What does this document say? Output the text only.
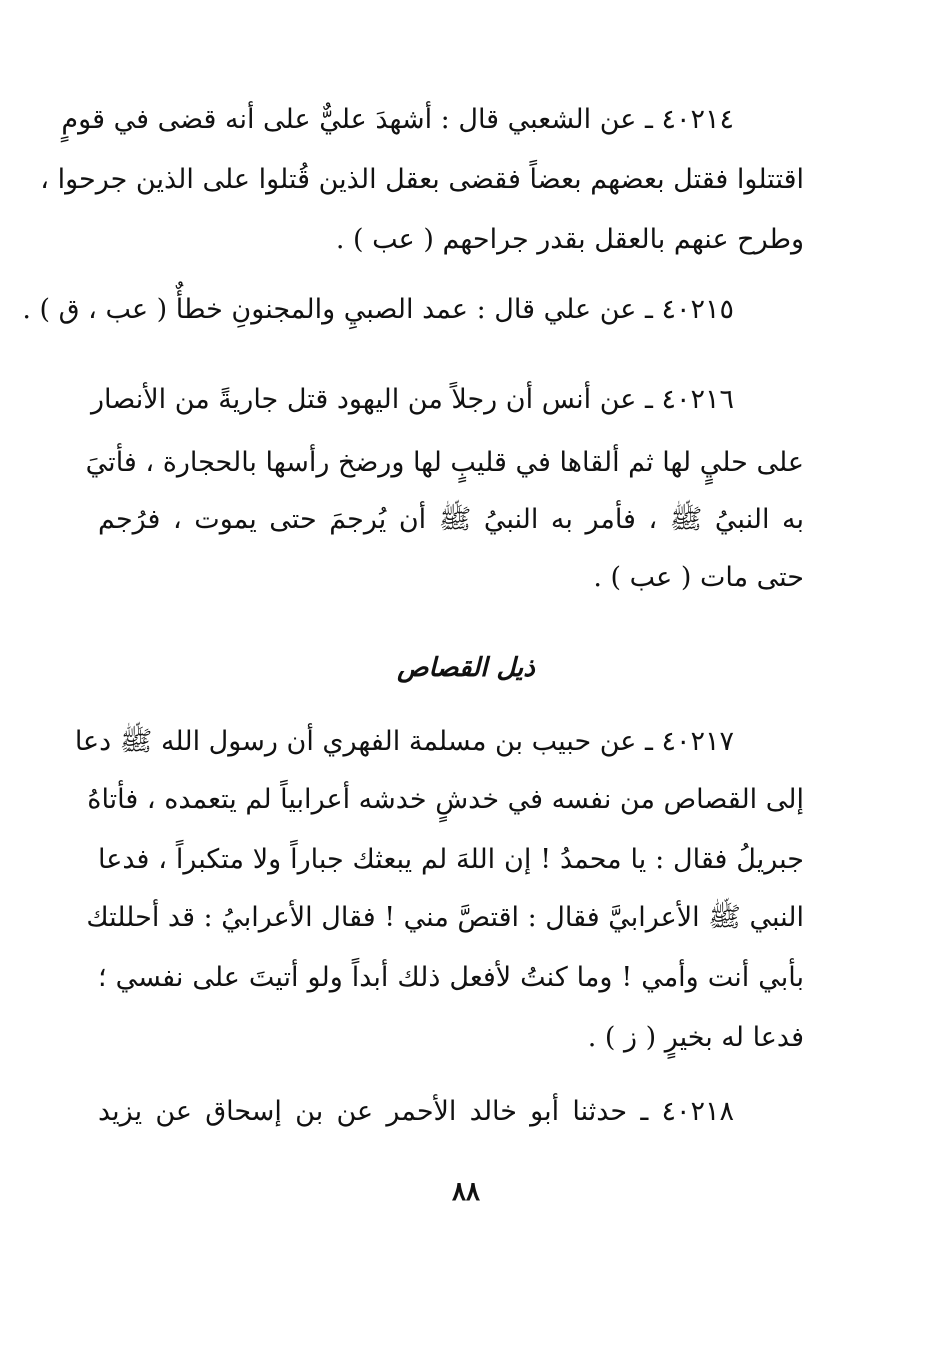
٤٠٢١٤ ـ عن الشعبي قال : أشهدَ عليٌّ على أنه قضى في قومٍ
اقتتلوا فقتل بعضهم بعضاً فقضى بعقل الذين قُتلوا على الذين جرحوا ،
وطرح عنهم بالعقل بقدر جراحهم ( عب ) .
٤٠٢١٥ ـ عن علي قال : عمد الصبيِ والمجنونِ خطأٌ ( عب ، ق ) .
٤٠٢١٦ ـ عن أنس أن رجلاً من اليهود قتل جاريةً من الأنصار
على حليٍ لها ثم ألقاها في قليبٍ لها ورضخ رأسها بالحجارة ، فأتيَ
به النبيُ ﷺ ، فأمر به النبيُ ﷺ أن يُرجمَ حتى يموت ، فرُجم
حتى مات ( عب ) .
ذيل القصاص
٤٠٢١٧ ـ عن حبيب بن مسلمة الفهري أن رسول الله ﷺ دعا
إلى القصاص من نفسه في خدشٍ خدشه أعرابياً لم يتعمده ، فأتاهُ
جبريلُ فقال : يا محمدُ ! إن اللهَ لم يبعثك جباراً ولا متكبراً ، فدعا
النبي ﷺ الأعرابيَّ فقال : اقتصَّ مني ! فقال الأعرابيُ : قد أحللتك
بأبي أنت وأمي ! وما كنتُ لأفعل ذلك أبداً ولو أتيتَ على نفسي ؛
فدعا له بخيرٍ ( ز ) .
٤٠٢١٨ ـ حدثنا أبو خالد الأحمر عن بن إسحاق عن يزيد
٨٨
